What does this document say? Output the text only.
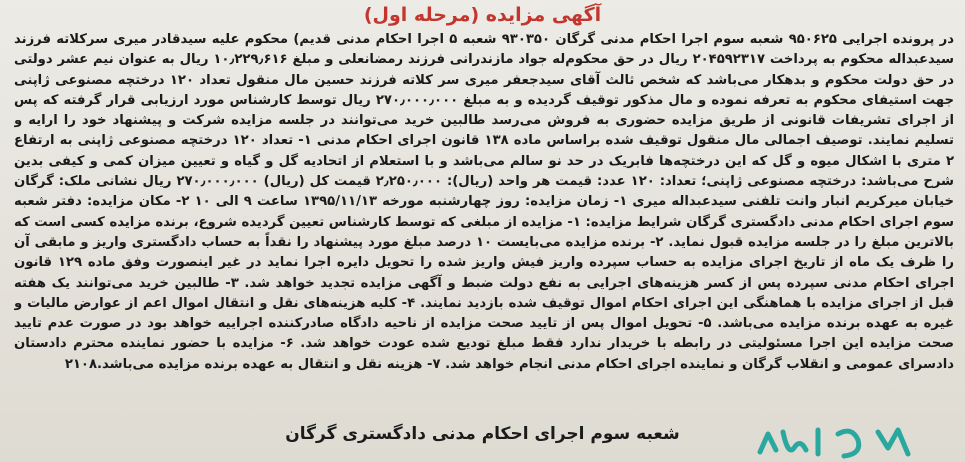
آگهی مزایده (مرحله اول)
در پرونده اجرایی ۹۵۰۶۲۵ شعبه سوم اجرا احکام مدنی گرگان ۹۳۰۳۵۰ شعبه ۵ اجرا احکام مدنی قدیم) محکوم علیه سیدقادر میری سرکلاته فرزند سیدعبداله محکوم به پرداخت ۲۰۴۵۹۲۳۱۷ ریال در حق محکوم‌له جواد مازندرانی فرزند رمضانعلی و مبلغ ۱۰٫۲۲۹٫۶۱۶ ریال به عنوان نیم عشر دولتی در حق دولت محکوم و بدهکار می‌باشد که شخص ثالث آقای سیدجعفر میری سر کلاته فرزند حسین مال منقول تعداد ۱۲۰ درختچه مصنوعی ژاپنی جهت استیفای محکوم به تعرفه نموده و مال مذکور توقیف گردیده و به مبلغ ۲۷۰٫۰۰۰٫۰۰۰ ریال توسط کارشناس مورد ارزیابی قرار گرفته که پس از اجرای تشریفات قانونی از طریق مزایده حضوری به فروش می‌رسد طالبین خرید می‌توانند در جلسه مزایده شرکت و پیشنهاد خود را ارایه و تسلیم نمایند. توصیف اجمالی مال منقول توقیف شده براساس ماده ۱۳۸ قانون اجرای احکام مدنی ۱- تعداد ۱۲۰ درختچه مصنوعی ژاپنی به ارتفاع ۲ متری با اشکال میوه و گل که این درختچه‌ها فابریک در حد نو سالم می‌باشد و با استعلام از اتحادیه گل و گیاه و تعیین میزان کمی و کیفی بدین شرح می‌باشد: درختچه مصنوعی ژاپنی؛ تعداد: ۱۲۰ عدد: قیمت هر واحد (ریال): ۲٫۲۵۰٫۰۰۰ قیمت کل (ریال) ۲۷۰٫۰۰۰٫۰۰۰ ریال نشانی ملک: گرگان خیابان میرکریم انبار وانت تلفنی سیدعبداله میری ۱- زمان مزایده: روز چهارشنبه مورخه ۱۳۹۵/۱۱/۱۳ ساعت ۹ الی ۱۰ ۲- مکان مزایده: دفتر شعبه سوم اجرای احکام مدنی دادگستری گرگان شرایط مزایده: ۱- مزایده از مبلغی که توسط کارشناس تعیین گردیده شروع، برنده مزایده کسی است که بالاترین مبلغ را در جلسه مزایده قبول نماید. ۲- برنده مزایده می‌بایست ۱۰ درصد مبلغ مورد پیشنهاد را نقداً به حساب دادگستری واریز و مابقی آن را ظرف یک ماه از تاریخ اجرای مزایده به حساب سپرده واریز فیش واریز شده را تحویل دایره اجرا نماید در غیر اینصورت وفق ماده ۱۲۹ قانون اجرای احکام مدنی سپرده پس از کسر هزینه‌های اجرایی به نفع دولت ضبط و آگهی مزایده تجدید خواهد شد. ۳- طالبین خرید می‌توانند یک هفته قبل از اجرای مزایده با هماهنگی این اجرای احکام اموال توقیف شده بازدید نمایند. ۴- کلیه هزینه‌های نقل و انتقال اموال اعم از عوارض مالیات و غیره به عهده برنده مزایده می‌باشد. ۵- تحویل اموال پس از تایید صحت مزایده از ناحیه دادگاه صادرکننده اجراییه خواهد بود در صورت عدم تایید صحت مزایده این اجرا مسئولیتی در رابطه با خریدار ندارد فقط مبلغ تودیع شده عودت خواهد شد. ۶- مزایده با حضور نماینده محترم دادستان دادسرای عمومی و انقلاب گرگان و نماینده اجرای احکام مدنی انجام خواهد شد. ۷- هزینه نقل و انتقال به عهده برنده مزایده می‌باشد.۲۱۰۸
شعبه سوم اجرای احکام مدنی دادگستری گرگان
